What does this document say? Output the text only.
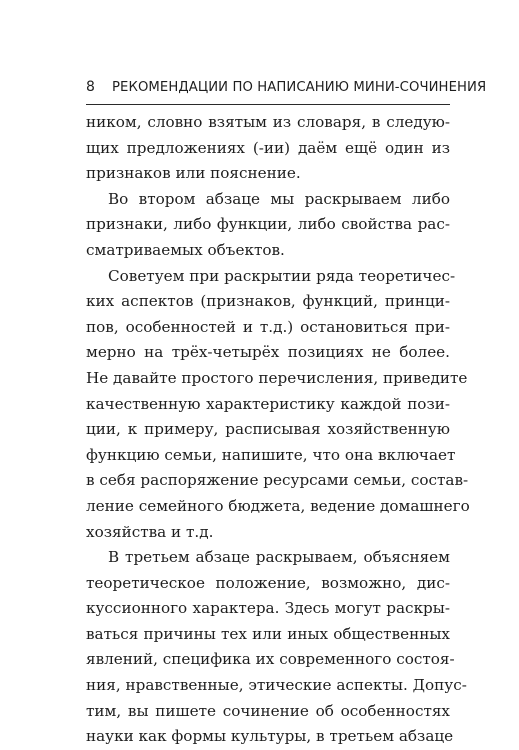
8 РЕКОМЕНДАЦИИ ПО НАПИСАНИЮ МИНИ-СОЧИНЕНИЯ
ником, словно взятым из словаря, в следую-
щих предложениях (-ии) даём ещё один из
признаков или пояснение.
Во втором абзаце мы раскрываем либо
признаки, либо функции, либо свойства рас-
сматриваемых объектов.
Советуем при раскрытии ряда теоретичес-
ких аспектов (признаков, функций, принци-
пов, особенностей и т.д.) остановиться при-
мерно на трёх-четырёх позициях не более.
Не давайте простого перечисления, приведите
качественную характеристику каждой пози-
ции, к примеру, расписывая хозяйственную
функцию семьи, напишите, что она включает
в себя распоряжение ресурсами семьи, состав-
ление семейного бюджета, ведение домашнего
хозяйства и т.д.
В третьем абзаце раскрываем, объясняем
теоретическое положение, возможно, дис-
куссионного характера. Здесь могут раскры-
ваться причины тех или иных общественных
явлений, специфика их современного состоя-
ния, нравственные, этические аспекты. Допус-
тим, вы пишете сочинение об особенностях
науки как формы культуры, в третьем абзаце
